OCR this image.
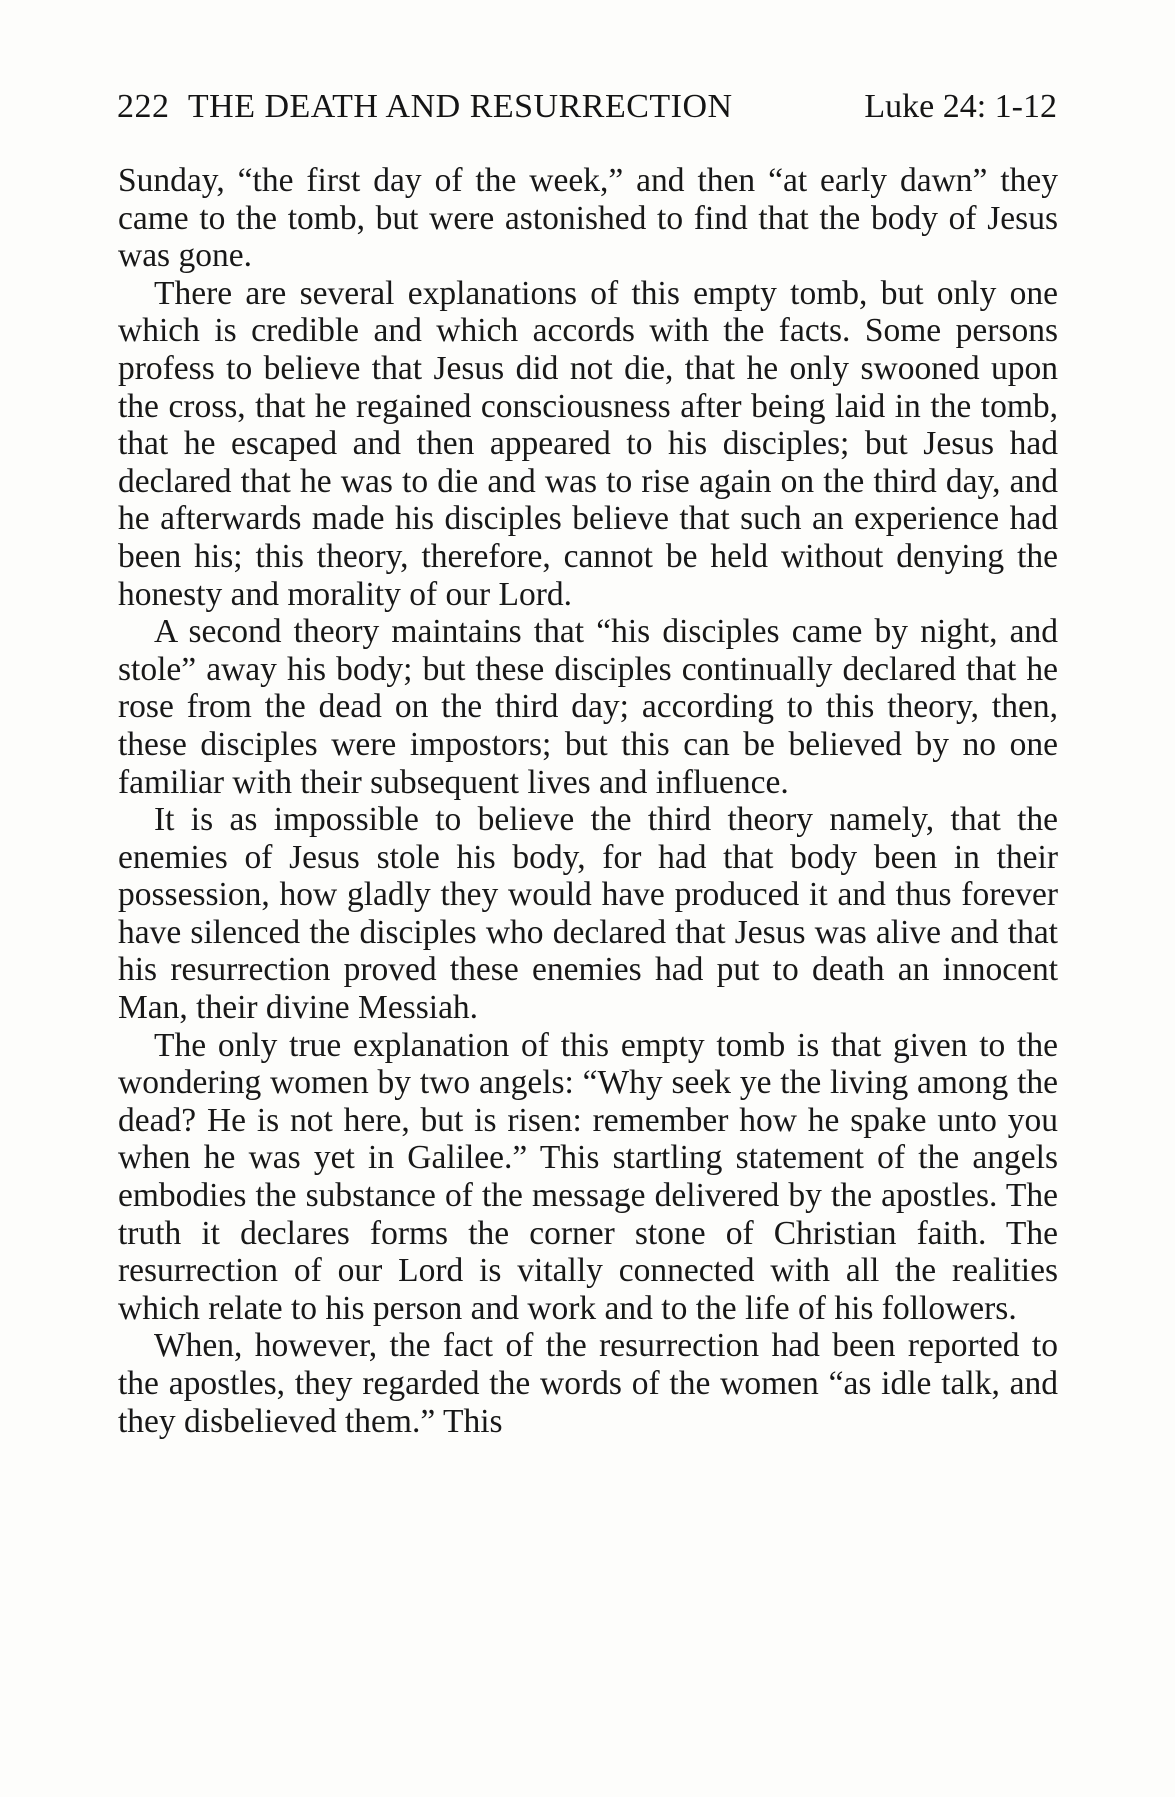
222 THE DEATH AND RESURRECTION	Luke 24: 1-12

Sunday, “the first day of the week,” and then “at early dawn” they came to the tomb, but were astonished to find that the body of Jesus was gone.

There are several explanations of this empty tomb, but only one which is credible and which accords with the facts. Some persons profess to believe that Jesus did not die, that he only swooned upon the cross, that he regained consciousness after being laid in the tomb, that he escaped and then appeared to his disciples; but Jesus had declared that he was to die and was to rise again on the third day, and he afterwards made his disciples believe that such an experience had been his; this theory, therefore, cannot be held without denying the honesty and morality of our Lord.

A second theory maintains that “his disciples came by night, and stole” away his body; but these disciples continually declared that he rose from the dead on the third day; according to this theory, then, these disciples were impostors; but this can be believed by no one familiar with their subsequent lives and influence.

It is as impossible to believe the third theory namely, that the enemies of Jesus stole his body, for had that body been in their possession, how gladly they would have produced it and thus forever have silenced the disciples who declared that Jesus was alive and that his resurrection proved these enemies had put to death an innocent Man, their divine Messiah.

The only true explanation of this empty tomb is that given to the wondering women by two angels: “Why seek ye the living among the dead? He is not here, but is risen: remember how he spake unto you when he was yet in Galilee.” This startling statement of the angels embodies the substance of the message delivered by the apostles. The truth it declares forms the corner stone of Christian faith. The resurrection of our Lord is vitally connected with all the realities which relate to his person and work and to the life of his followers.

When, however, the fact of the resurrection had been reported to the apostles, they regarded the words of the women “as idle talk, and they disbelieved them.” This
